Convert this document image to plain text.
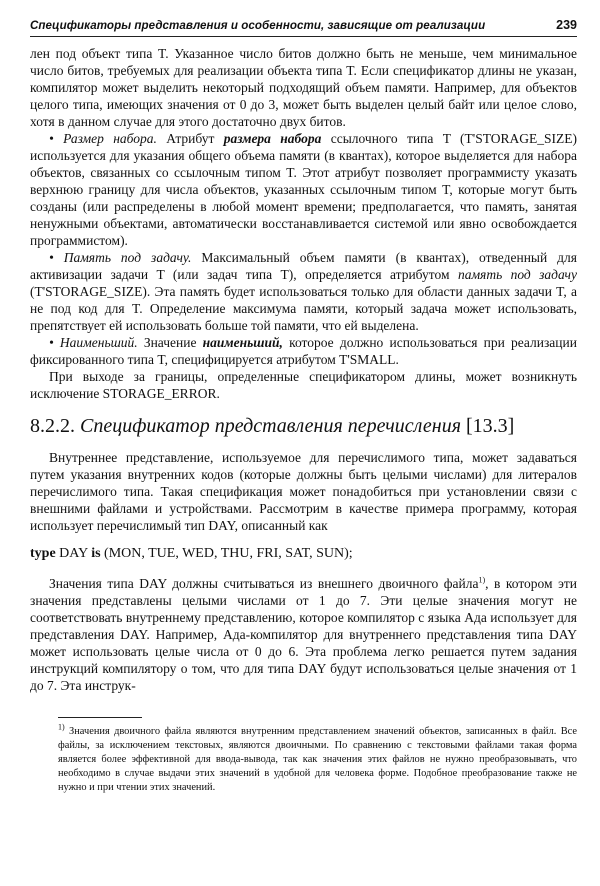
Спецификаторы представления и особенности, зависящие от реализации	239

лен под объект типа T. Указанное число битов должно быть не меньше, чем минимальное число битов, требуемых для реализации объекта типа T. Если спецификатор длины не указан, компилятор может выделить некоторый подходящий объем памяти. Например, для объектов целого типа, имеющих значения от 0 до 3, может быть выделен целый байт или целое слово, хотя в данном случае для этого достаточно двух битов.

• Размер набора. Атрибут размера набора ссылочного типа T (T'STORAGE_SIZE) используется для указания общего объема памяти (в квантах), которое выделяется для набора объектов, связанных со ссылочным типом T. Этот атрибут позволяет программисту указать верхнюю границу для числа объектов, указанных ссылочным типом T, которые могут быть созданы (или распределены в любой момент времени; предполагается, что память, занятая ненужными объектами, автоматически восстанавливается системой или явно освобождается программистом).

• Память под задачу. Максимальный объем памяти (в квантах), отведенный для активизации задачи T (или задач типа T), определяется атрибутом память под задачу (T'STORAGE_SIZE). Эта память будет использоваться только для области данных задачи T, а не под код для T. Определение максимума памяти, который задача может использовать, препятствует ей использовать больше той памяти, что ей выделена.

• Наименьший. Значение наименьший, которое должно использоваться при реализации фиксированного типа T, специфицируется атрибутом T'SMALL.

При выходе за границы, определенные спецификатором длины, может возникнуть исключение STORAGE_ERROR.

8.2.2. Спецификатор представления перечисления [13.3]

Внутреннее представление, используемое для перечислимого типа, может задаваться путем указания внутренних кодов (которые должны быть целыми числами) для литералов перечислимого типа. Такая спецификация может понадобиться при установлении связи с внешними файлами и устройствами. Рассмотрим в качестве примера программу, которая использует перечислимый тип DAY, описанный как

type DAY is (MON, TUE, WED, THU, FRI, SAT, SUN);

Значения типа DAY должны считываться из внешнего двоичного файла$^{1)}$, в котором эти значения представлены целыми числами от 1 до 7. Эти целые значения могут не соответствовать внутреннему представлению, которое компилятор с языка Ада использует для представления DAY. Например, Ада-компилятор для внутреннего представления типа DAY может использовать целые числа от 0 до 6. Эта проблема легко решается путем задания инструкций компилятору о том, что для типа DAY будут использоваться целые значения от 1 до 7. Эта инструк-

$^{1)}$ Значения двоичного файла являются внутренним представлением значений объектов, записанных в файл. Все файлы, за исключением текстовых, являются двоичными. По сравнению с текстовыми файлами такая форма является более эффективной для ввода-вывода, так как значения этих файлов не нужно преобразовывать, что необходимо в случае выдачи этих значений в удобной для человека форме. Подобное преобразование также не нужно и при чтении этих значений.
